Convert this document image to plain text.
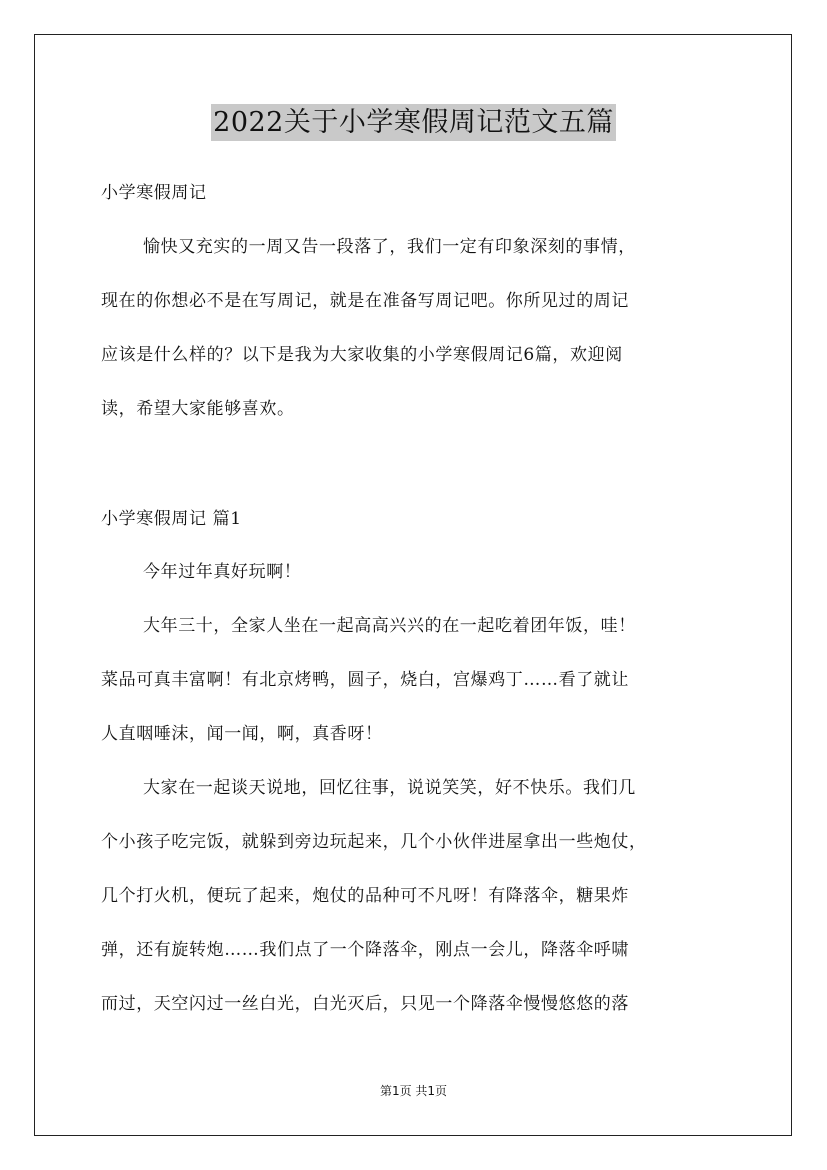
2022关于小学寒假周记范文五篇
小学寒假周记
愉快又充实的一周又告一段落了，我们一定有印象深刻的事情，
现在的你想必不是在写周记，就是在准备写周记吧。你所见过的周记
应该是什么样的？以下是我为大家收集的小学寒假周记6篇，欢迎阅
读，希望大家能够喜欢。
小学寒假周记 篇1
今年过年真好玩啊！
大年三十，全家人坐在一起高高兴兴的在一起吃着团年饭，哇！
菜品可真丰富啊！有北京烤鸭，圆子，烧白，宫爆鸡丁……看了就让
人直咽唾沫，闻一闻，啊，真香呀！
大家在一起谈天说地，回忆往事，说说笑笑，好不快乐。我们几
个小孩子吃完饭，就躲到旁边玩起来，几个小伙伴进屋拿出一些炮仗，
几个打火机，便玩了起来，炮仗的品种可不凡呀！有降落伞，糖果炸
弹，还有旋转炮……我们点了一个降落伞，刚点一会儿，降落伞呼啸
而过，天空闪过一丝白光，白光灭后，只见一个降落伞慢慢悠悠的落
第1页 共1页
